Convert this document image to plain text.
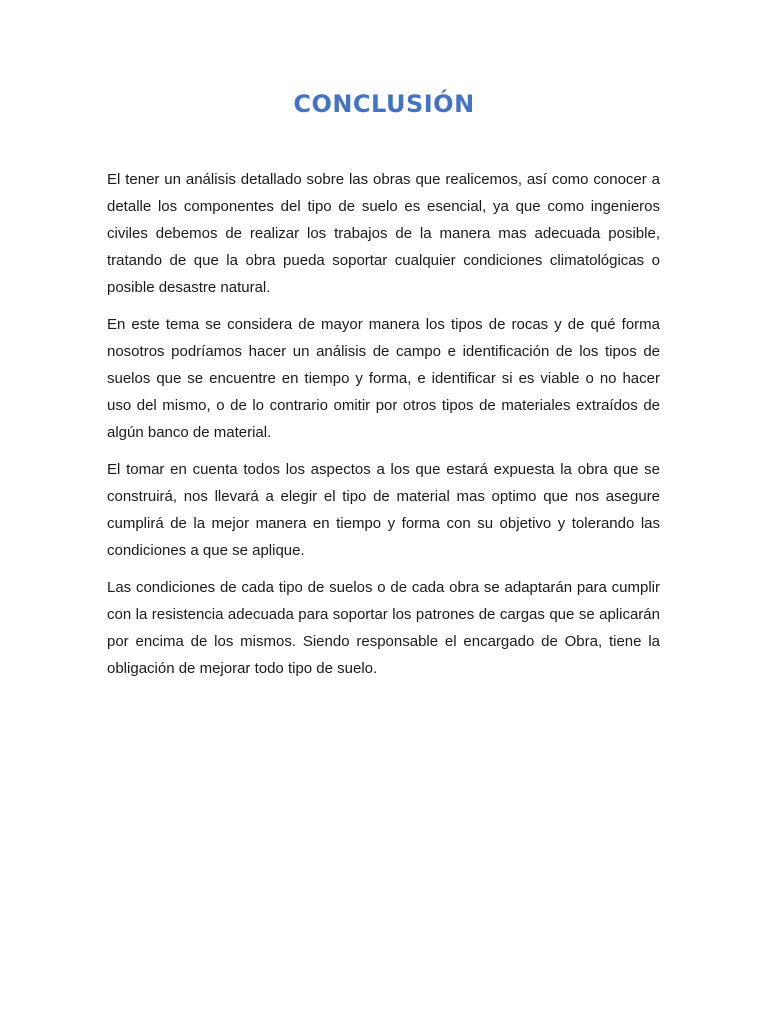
CONCLUSIÓN

El tener un análisis detallado sobre las obras que realicemos, así como conocer a detalle los componentes del tipo de suelo es esencial, ya que como ingenieros civiles debemos de realizar los trabajos de la manera mas adecuada posible, tratando de que la obra pueda soportar cualquier condiciones climatológicas o posible desastre natural.

En este tema se considera de mayor manera los tipos de rocas y de qué forma nosotros podríamos hacer un análisis de campo e identificación de los tipos de suelos que se encuentre en tiempo y forma, e identificar si es viable o no hacer uso del mismo, o de lo contrario omitir por otros tipos de materiales extraídos de algún banco de material.

El tomar en cuenta todos los aspectos a los que estará expuesta la obra que se construirá, nos llevará a elegir el tipo de material mas optimo que nos asegure cumplirá de la mejor manera en tiempo y forma con su objetivo y tolerando las condiciones a que se aplique.

Las condiciones de cada tipo de suelos o de cada obra se adaptarán para cumplir con la resistencia adecuada para soportar los patrones de cargas que se aplicarán por encima de los mismos. Siendo responsable el encargado de Obra, tiene la obligación de mejorar todo tipo de suelo.
